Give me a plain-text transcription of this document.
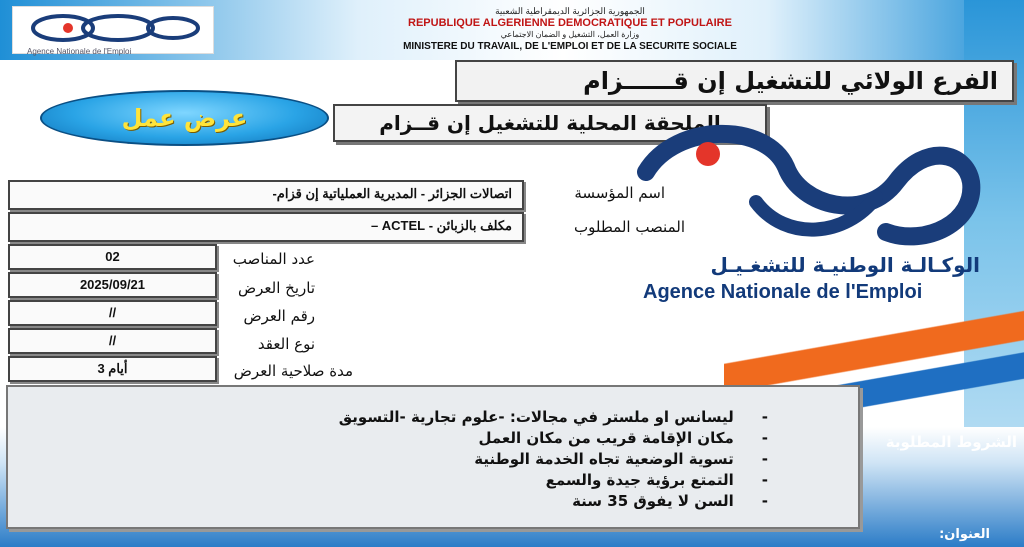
Agence Nationale de l'Emploi
الجمهورية الجزائرية الديمقراطية الشعبية
REPUBLIQUE ALGERIENNE DEMOCRATIQUE ET POPULAIRE
وزارة العمل، التشغيل و الضمان الاجتماعي
MINISTERE DU TRAVAIL, DE L'EMPLOI ET DE LA SECURITE SOCIALE
الفرع الولائي للتشغيل إن قــــــزام
عرض عمل	الملحقة المحلية للتشغيل إن قــزام
الوكـالـة الوطنيـة للتشغـيـل
Agence Nationale de l'Emploi
اتصالات الجزائر - المديرية العملياتية إن قزام-	اسم المؤسسة
مكلف بالزبائن - ACTEL –	المنصب المطلوب
02	عدد المناصب
2025/09/21	تاريخ العرض
//	رقم العرض
//	نوع العقد
3 أيام	مدة صلاحية العرض
- ليسانس او ملستر في مجالات: -علوم تجارية -التسويق
- مكان الإقامة قريب من مكان العمل
- تسوية الوضعية تجاه الخدمة الوطنية
- التمتع برؤية جيدة والسمع
- السن لا يفوق 35 سنة
الشروط المطلوبة
العنوان:
